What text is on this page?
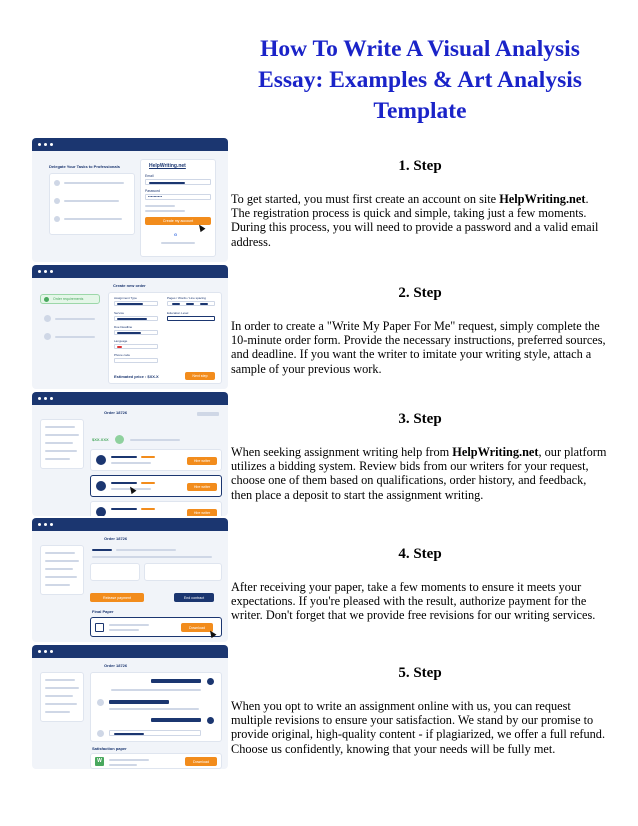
How To Write A Visual Analysis
Essay: Examples & Art Analysis
Template
1. Step

To get started, you must first create an account on site HelpWriting.net. The registration process is quick and simple, taking just a few moments. During this process, you will need to provide a password and a valid email address.

2. Step

In order to create a "Write My Paper For Me" request, simply complete the 10-minute order form. Provide the necessary instructions, preferred sources, and deadline. If you want the writer to imitate your writing style, attach a sample of your previous work.

3. Step

When seeking assignment writing help from HelpWriting.net, our platform utilizes a bidding system. Review bids from our writers for your request, choose one of them based on qualifications, order history, and feedback, then place a deposit to start the assignment writing.

4. Step

After receiving your paper, take a few moments to ensure it meets your expectations. If you're pleased with the result, authorize payment for the writer. Don't forget that we provide free revisions for our writing services.

5. Step

When you opt to write an assignment online with us, you can request multiple revisions to ensure your satisfaction. We stand by our promise to provide original, high-quality content - if plagiarized, we offer a full refund. Choose us confidently, knowing that your needs will be fully met.

Delegate Your Tasks to Professionals	HelpWriting.net
Email
Password
••••••••••
Create my account
G
Create new order
Order requirements	Assignment Type	Pages / Words / Line spacing
Service	Education Level
Due Deadline
Language
Phone code
Estimated price : $XX.X	Next step
Order 18726
$XX.XXX
Hire writer
Hire writer
Hire writer
Order 18726
Release payment	End contract
Final Paper
Download
Order 18726
Satisfaction paper
W	Download
